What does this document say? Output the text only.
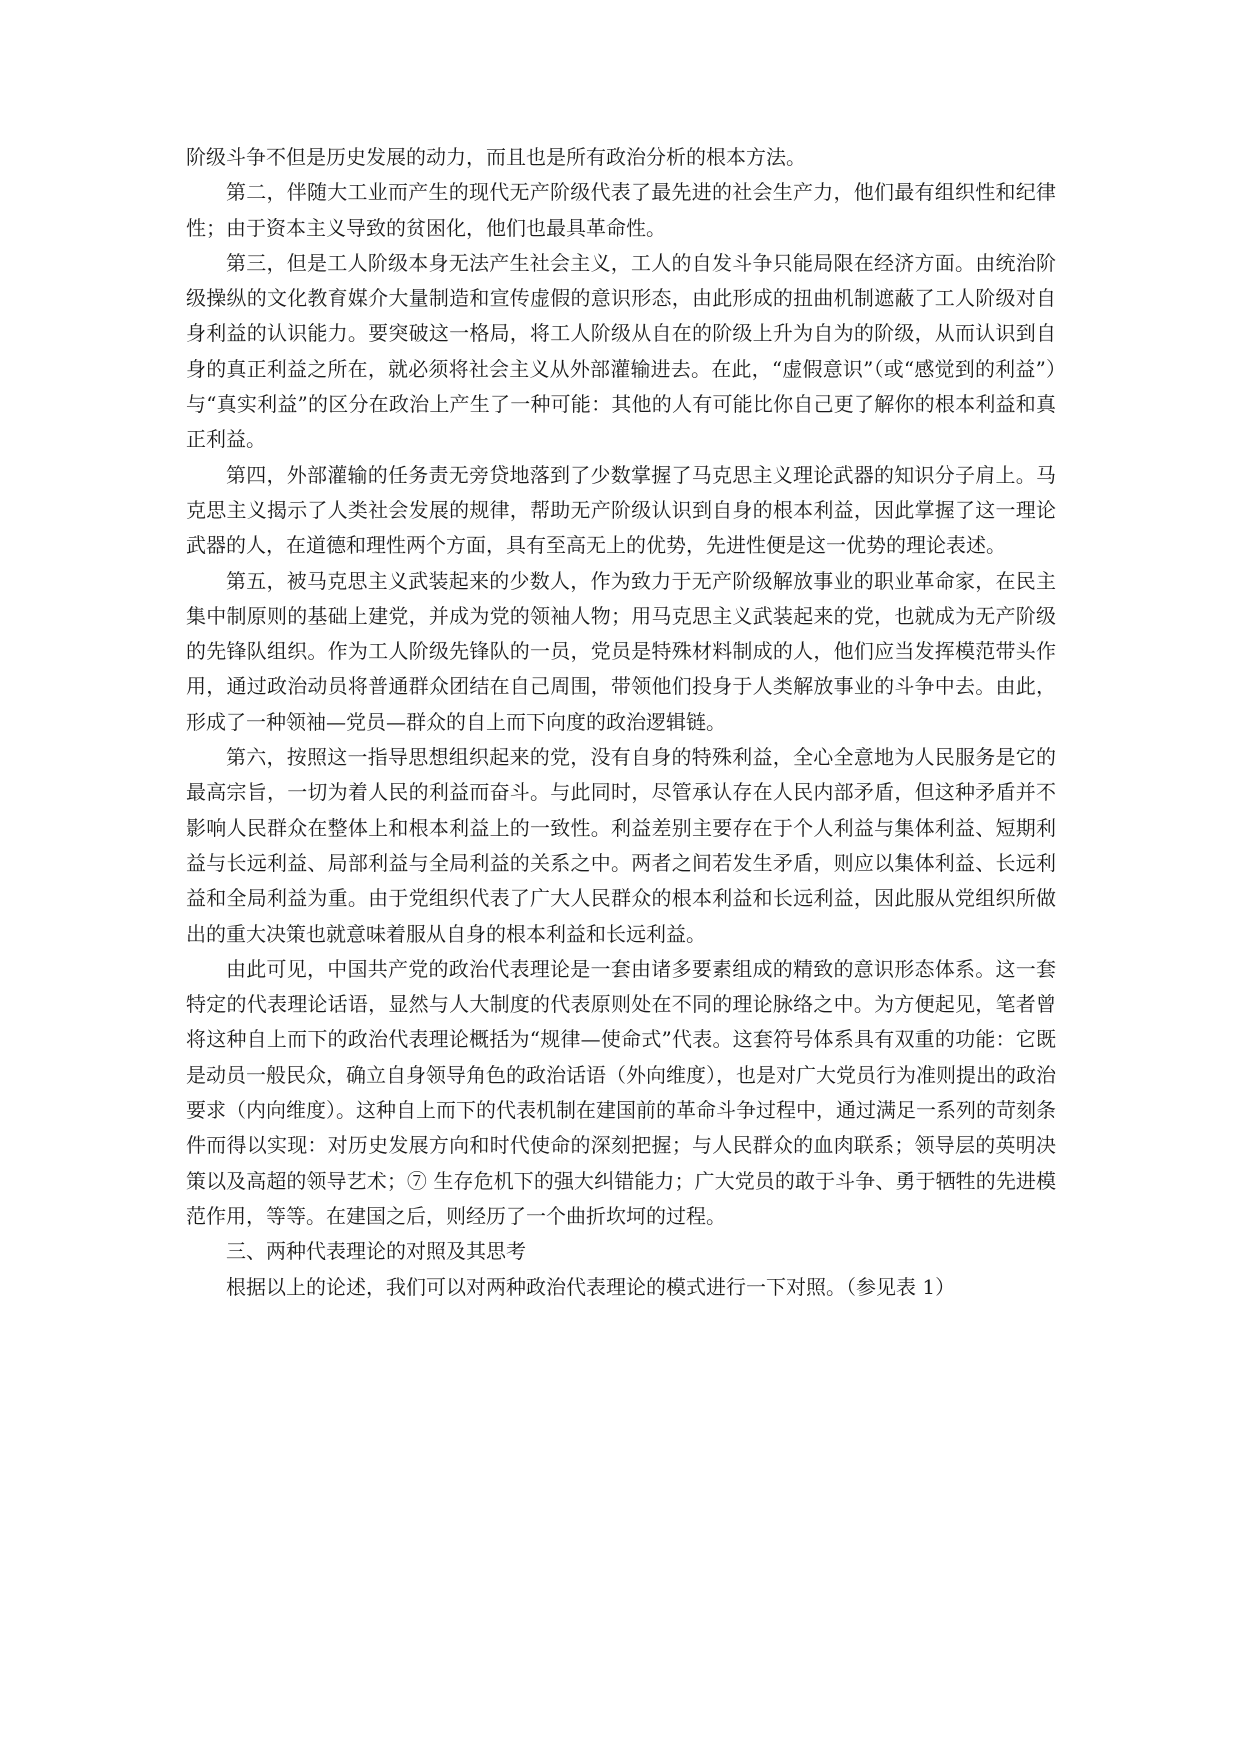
阶级斗争不但是历史发展的动力，而且也是所有政治分析的根本方法。

第二，伴随大工业而产生的现代无产阶级代表了最先进的社会生产力，他们最有组织性和纪律性；由于资本主义导致的贫困化，他们也最具革命性。

第三，但是工人阶级本身无法产生社会主义，工人的自发斗争只能局限在经济方面。由统治阶级操纵的文化教育媒介大量制造和宣传虚假的意识形态，由此形成的扭曲机制遮蔽了工人阶级对自身利益的认识能力。要突破这一格局，将工人阶级从自在的阶级上升为自为的阶级，从而认识到自身的真正利益之所在，就必须将社会主义从外部灌输进去。在此，“虚假意识”（或“感觉到的利益”）与“真实利益”的区分在政治上产生了一种可能：其他的人有可能比你自己更了解你的根本利益和真正利益。

第四，外部灌输的任务责无旁贷地落到了少数掌握了马克思主义理论武器的知识分子肩上。马克思主义揭示了人类社会发展的规律，帮助无产阶级认识到自身的根本利益，因此掌握了这一理论武器的人，在道德和理性两个方面，具有至高无上的优势，先进性便是这一优势的理论表述。

第五，被马克思主义武装起来的少数人，作为致力于无产阶级解放事业的职业革命家，在民主集中制原则的基础上建党，并成为党的领袖人物；用马克思主义武装起来的党，也就成为无产阶级的先锋队组织。作为工人阶级先锋队的一员，党员是特殊材料制成的人，他们应当发挥模范带头作用，通过政治动员将普通群众团结在自己周围，带领他们投身于人类解放事业的斗争中去。由此，形成了一种领袖—党员—群众的自上而下向度的政治逻辑链。

第六，按照这一指导思想组织起来的党，没有自身的特殊利益，全心全意地为人民服务是它的最高宗旨，一切为着人民的利益而奋斗。与此同时，尽管承认存在人民内部矛盾，但这种矛盾并不影响人民群众在整体上和根本利益上的一致性。利益差别主要存在于个人利益与集体利益、短期利益与长远利益、局部利益与全局利益的关系之中。两者之间若发生矛盾，则应以集体利益、长远利益和全局利益为重。由于党组织代表了广大人民群众的根本利益和长远利益，因此服从党组织所做出的重大决策也就意味着服从自身的根本利益和长远利益。

由此可见，中国共产党的政治代表理论是一套由诸多要素组成的精致的意识形态体系。这一套特定的代表理论话语，显然与人大制度的代表原则处在不同的理论脉络之中。为方便起见，笔者曾将这种自上而下的政治代表理论概括为“规律—使命式”代表。这套符号体系具有双重的功能：它既是动员一般民众，确立自身领导角色的政治话语（外向维度），也是对广大党员行为准则提出的政治要求（内向维度）。这种自上而下的代表机制在建国前的革命斗争过程中，通过满足一系列的苛刻条件而得以实现：对历史发展方向和时代使命的深刻把握；与人民群众的血肉联系；领导层的英明决策以及高超的领导艺术；⑦ 生存危机下的强大纠错能力；广大党员的敢于斗争、勇于牺牲的先进模范作用，等等。在建国之后，则经历了一个曲折坎坷的过程。

三、两种代表理论的对照及其思考

根据以上的论述，我们可以对两种政治代表理论的模式进行一下对照。（参见表 1）
